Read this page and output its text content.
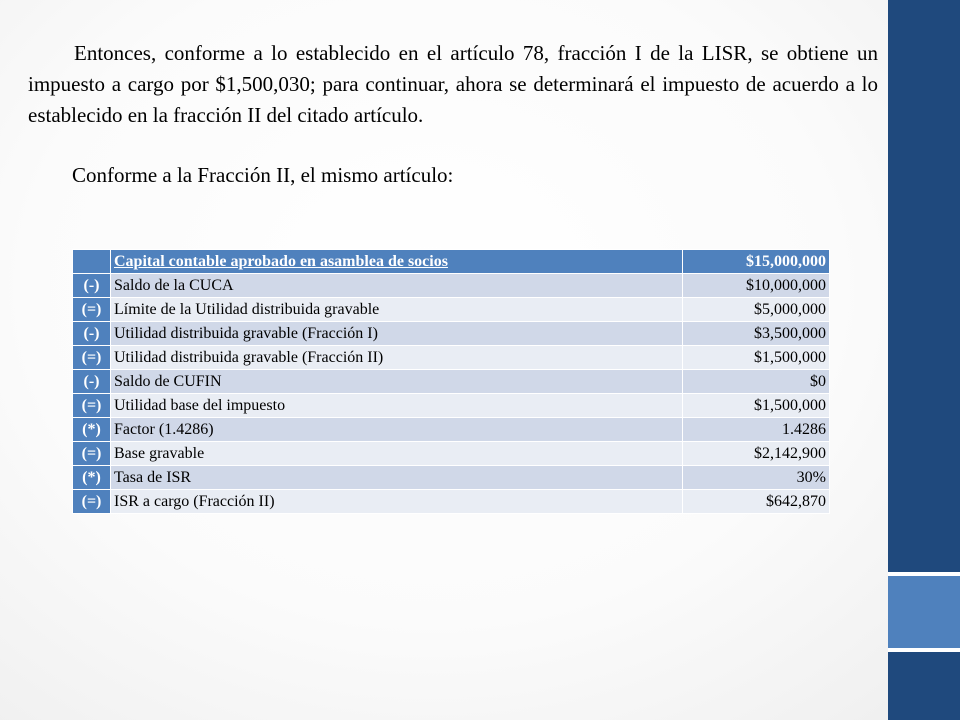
Entonces, conforme a lo establecido en el artículo 78, fracción I de la LISR, se obtiene un impuesto a cargo por $1,500,030; para continuar, ahora se determinará el impuesto de acuerdo a lo establecido en la fracción II del citado artículo.

Conforme a la Fracción II, el mismo artículo:

	Capital contable aprobado en asamblea de socios	$15,000,000
(-)	Saldo de la CUCA	$10,000,000
(=)	Límite de la Utilidad distribuida gravable	$5,000,000
(-)	Utilidad distribuida gravable (Fracción I)	$3,500,000
(=)	Utilidad distribuida gravable (Fracción II)	$1,500,000
(-)	Saldo de CUFIN	$0
(=)	Utilidad base del impuesto	$1,500,000
(*)	Factor (1.4286)	1.4286
(=)	Base gravable	$2,142,900
(*)	Tasa de ISR	30%
(=)	ISR a cargo (Fracción II)	$642,870
